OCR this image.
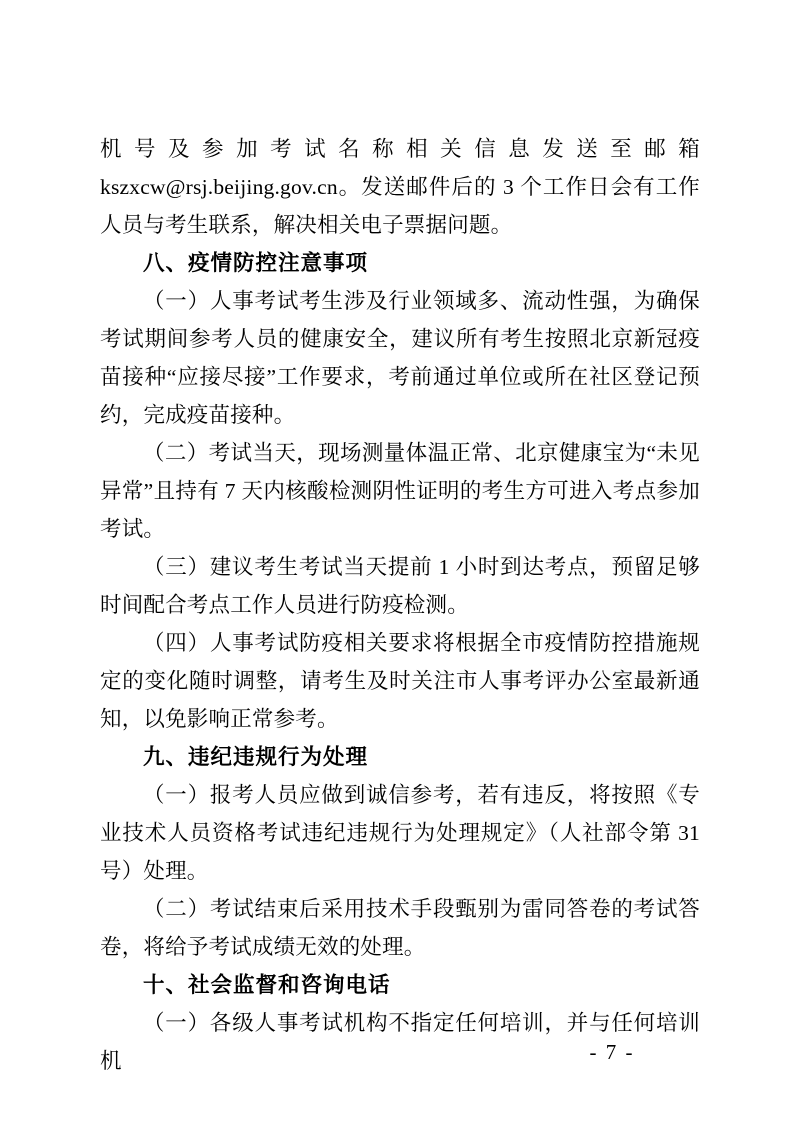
机号及参加考试名称相关信息发送至邮箱kszxcw@rsj.beijing.gov.cn。发送邮件后的 3 个工作日会有工作人员与考生联系，解决相关电子票据问题。

八、疫情防控注意事项

（一）人事考试考生涉及行业领域多、流动性强，为确保考试期间参考人员的健康安全，建议所有考生按照北京新冠疫苗接种“应接尽接”工作要求，考前通过单位或所在社区登记预约，完成疫苗接种。

（二）考试当天，现场测量体温正常、北京健康宝为“未见异常”且持有 7 天内核酸检测阴性证明的考生方可进入考点参加考试。

（三）建议考生考试当天提前 1 小时到达考点，预留足够时间配合考点工作人员进行防疫检测。

（四）人事考试防疫相关要求将根据全市疫情防控措施规定的变化随时调整，请考生及时关注市人事考评办公室最新通知，以免影响正常参考。

九、违纪违规行为处理

（一）报考人员应做到诚信参考，若有违反，将按照《专业技术人员资格考试违纪违规行为处理规定》（人社部令第 31 号）处理。

（二）考试结束后采用技术手段甄别为雷同答卷的考试答卷，将给予考试成绩无效的处理。

十、社会监督和咨询电话

（一）各级人事考试机构不指定任何培训，并与任何培训机	- 7 -
